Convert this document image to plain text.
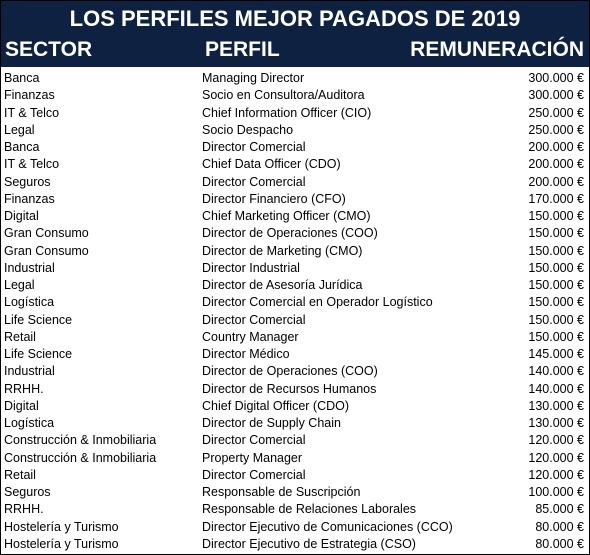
LOS PERFILES MEJOR PAGADOS DE 2019
SECTOR	PERFIL	REMUNERACIÓN
Banca	Managing Director	300.000 €
Finanzas	Socio en Consultora/Auditora	300.000 €
IT & Telco	Chief Information Officer (CIO)	250.000 €
Legal	Socio Despacho	250.000 €
Banca	Director Comercial	200.000 €
IT & Telco	Chief Data Officer (CDO)	200.000 €
Seguros	Director Comercial	200.000 €
Finanzas	Director Financiero (CFO)	170.000 €
Digital	Chief Marketing Officer (CMO)	150.000 €
Gran Consumo	Director de Operaciones (COO)	150.000 €
Gran Consumo	Director de Marketing (CMO)	150.000 €
Industrial	Director Industrial	150.000 €
Legal	Director de Asesoría Jurídica	150.000 €
Logística	Director Comercial en Operador Logístico	150.000 €
Life Science	Director Comercial	150.000 €
Retail	Country Manager	150.000 €
Life Science	Director Médico	145.000 €
Industrial	Director de Operaciones (COO)	140.000 €
RRHH.	Director de Recursos Humanos	140.000 €
Digital	Chief Digital Officer (CDO)	130.000 €
Logística	Director de Supply Chain	130.000 €
Construcción & Inmobiliaria	Director Comercial	120.000 €
Construcción & Inmobiliaria	Property Manager	120.000 €
Retail	Director Comercial	120.000 €
Seguros	Responsable de Suscripción	100.000 €
RRHH.	Responsable de Relaciones Laborales	85.000 €
Hostelería y Turismo	Director Ejecutivo de Comunicaciones (CCO)	80.000 €
Hostelería y Turismo	Director Ejecutivo de Estrategia (CSO)	80.000 €
